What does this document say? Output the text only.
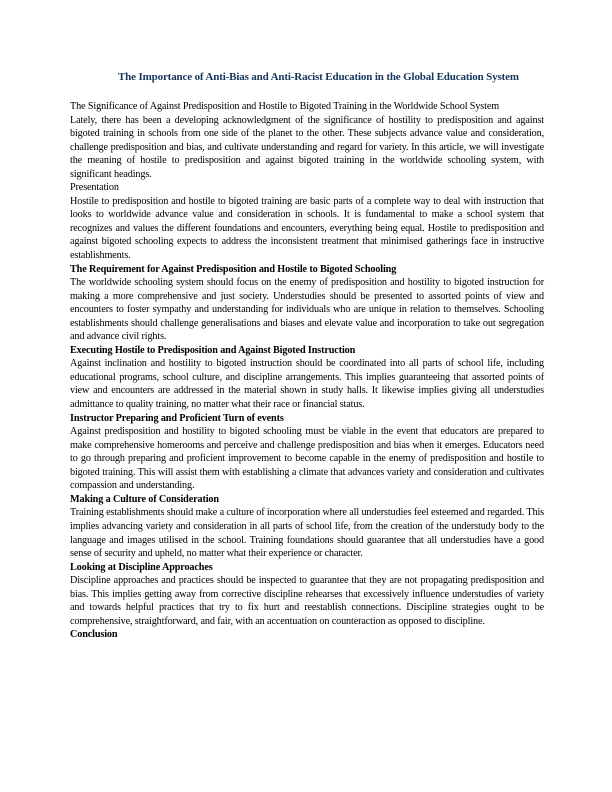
The Importance of Anti-Bias and Anti-Racist Education in the Global Education System

The Significance of Against Predisposition and Hostile to Bigoted Training in the Worldwide School System

Lately, there has been a developing acknowledgment of the significance of hostility to predisposition and against bigoted training in schools from one side of the planet to the other. These subjects advance value and consideration, challenge predisposition and bias, and cultivate understanding and regard for variety. In this article, we will investigate the meaning of hostile to predisposition and against bigoted training in the worldwide schooling system, with significant headings.

Presentation

Hostile to predisposition and hostile to bigoted training are basic parts of a complete way to deal with instruction that looks to worldwide advance value and consideration in schools. It is fundamental to make a school system that recognizes and values the different foundations and encounters, everything being equal. Hostile to predisposition and against bigoted schooling expects to address the inconsistent treatment that minimised gatherings face in instructive establishments.

The Requirement for Against Predisposition and Hostile to Bigoted Schooling

The worldwide schooling system should focus on the enemy of predisposition and hostility to bigoted instruction for making a more comprehensive and just society. Understudies should be presented to assorted points of view and encounters to foster sympathy and understanding for individuals who are unique in relation to themselves. Schooling establishments should challenge generalisations and biases and elevate value and incorporation to take out segregation and advance civil rights.

Executing Hostile to Predisposition and Against Bigoted Instruction

Against inclination and hostility to bigoted instruction should be coordinated into all parts of school life, including educational programs, school culture, and discipline arrangements. This implies guaranteeing that assorted points of view and encounters are addressed in the material shown in study halls. It likewise implies giving all understudies admittance to quality training, no matter what their race or financial status.

Instructor Preparing and Proficient Turn of events

Against predisposition and hostility to bigoted schooling must be viable in the event that educators are prepared to make comprehensive homerooms and perceive and challenge predisposition and bias when it emerges. Educators need to go through preparing and proficient improvement to become capable in the enemy of predisposition and hostile to bigoted training. This will assist them with establishing a climate that advances variety and consideration and cultivates compassion and understanding.

Making a Culture of Consideration

Training establishments should make a culture of incorporation where all understudies feel esteemed and regarded. This implies advancing variety and consideration in all parts of school life, from the creation of the understudy body to the language and images utilised in the school. Training foundations should guarantee that all understudies have a good sense of security and upheld, no matter what their experience or character.

Looking at Discipline Approaches

Discipline approaches and practices should be inspected to guarantee that they are not propagating predisposition and bias. This implies getting away from corrective discipline rehearses that excessively influence understudies of variety and towards helpful practices that try to fix hurt and reestablish connections. Discipline strategies ought to be comprehensive, straightforward, and fair, with an accentuation on counteraction as opposed to discipline.

Conclusion
